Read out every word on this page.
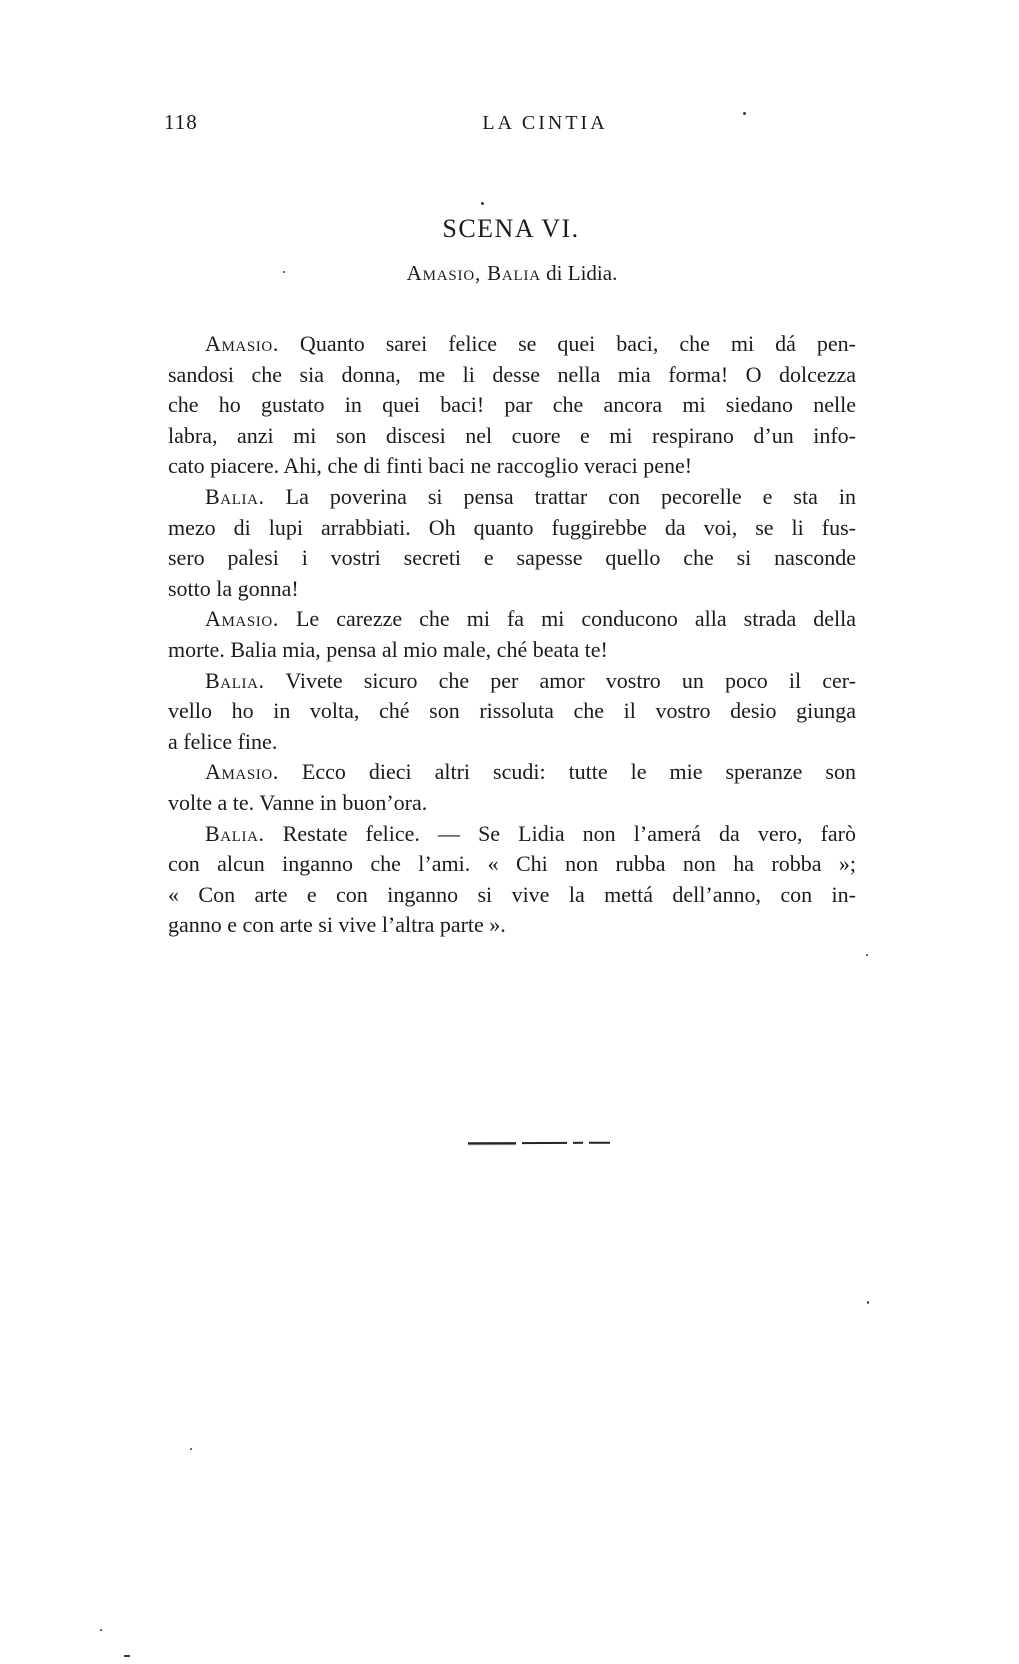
118	LA CINTIA
SCENA VI.
Amasio, Balia di Lidia.
Amasio. Quanto sarei felice se quei baci, che mi dá pen-
sandosi che sia donna, me li desse nella mia forma! O dolcezza
che ho gustato in quei baci! par che ancora mi siedano nelle
labra, anzi mi son discesi nel cuore e mi respirano d’un info-
cato piacere. Ahi, che di finti baci ne raccoglio veraci pene!
Balia. La poverina si pensa trattar con pecorelle e sta in
mezo di lupi arrabbiati. Oh quanto fuggirebbe da voi, se li fus-
sero palesi i vostri secreti e sapesse quello che si nasconde
sotto la gonna!
Amasio. Le carezze che mi fa mi conducono alla strada della
morte. Balia mia, pensa al mio male, ché beata te!
Balia. Vivete sicuro che per amor vostro un poco il cer-
vello ho in volta, ché son rissoluta che il vostro desio giunga
a felice fine.
Amasio. Ecco dieci altri scudi: tutte le mie speranze son
volte a te. Vanne in buon’ora.
Balia. Restate felice. — Se Lidia non l’amerá da vero, farò
con alcun inganno che l’ami. « Chi non rubba non ha robba »;
« Con arte e con inganno si vive la mettá dell’anno, con in-
ganno e con arte si vive l’altra parte ».
